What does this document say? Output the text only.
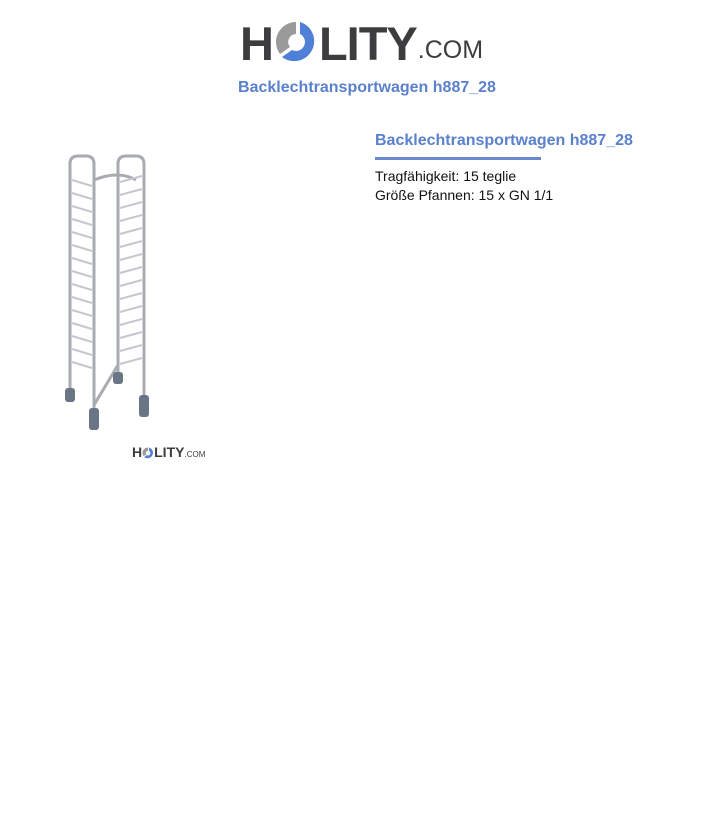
H LITY .COM
Backlechtransportwagen h887_28
H LITY .COM
Backlechtransportwagen h887_28

Tragfähigkeit: 15 teglie

Größe Pfannen: 15 x GN 1/1
